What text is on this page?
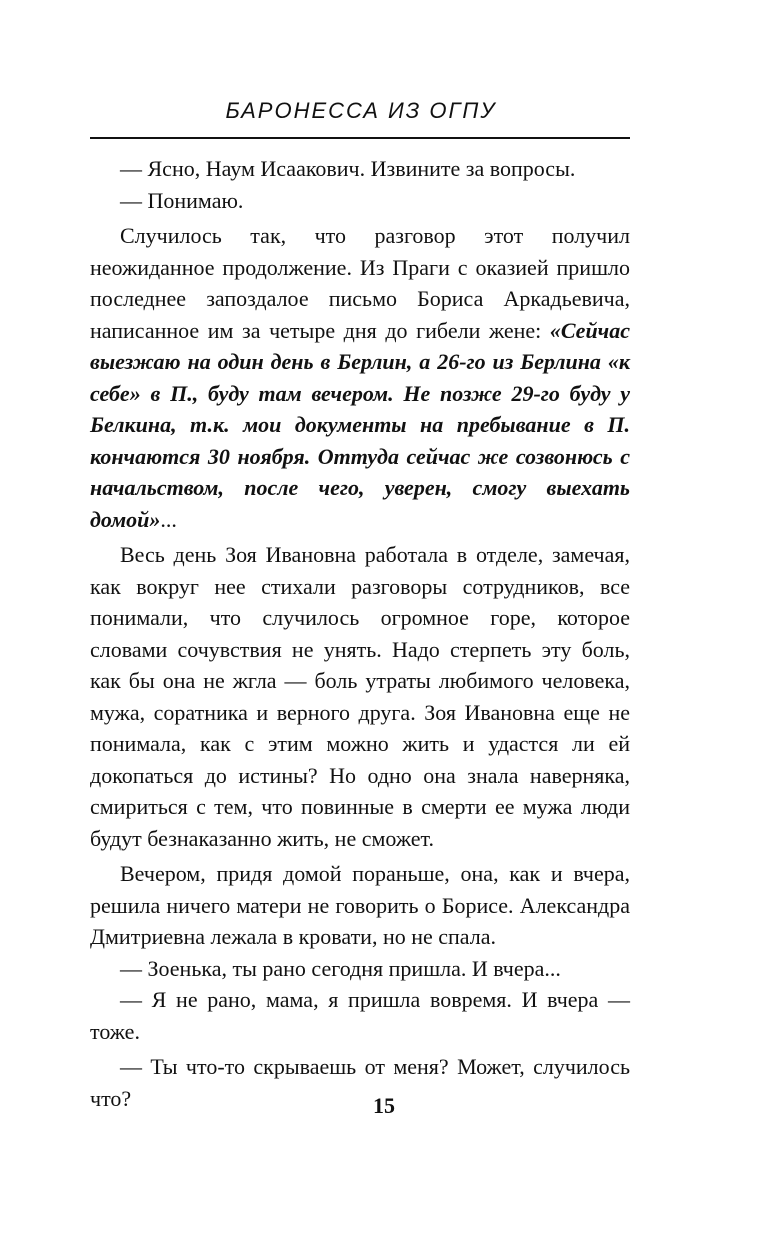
БАРОНЕССА ИЗ ОГПУ

— Ясно, Наум Исаакович. Извините за вопросы.

— Понимаю.

Случилось так, что разговор этот получил неожиданное продолжение. Из Праги с оказией пришло последнее запоздалое письмо Бориса Аркадьевича, написанное им за четыре дня до гибели жене: «Сейчас выезжаю на один день в Берлин, а 26-го из Берлина «к себе» в П., буду там вечером. Не позже 29-го буду у Белкина, т.к. мои документы на пребывание в П. кончаются 30 ноября. Оттуда сейчас же созвонюсь с начальством, после чего, уверен, смогу выехать домой»...

Весь день Зоя Ивановна работала в отделе, замечая, как вокруг нее стихали разговоры сотрудников, все понимали, что случилось огромное горе, которое словами сочувствия не унять. Надо стерпеть эту боль, как бы она не жгла — боль утраты любимого человека, мужа, соратника и верного друга. Зоя Ивановна еще не понимала, как с этим можно жить и удастся ли ей докопаться до истины? Но одно она знала наверняка, смириться с тем, что повинные в смерти ее мужа люди будут безнаказанно жить, не сможет.

Вечером, придя домой пораньше, она, как и вчера, решила ничего матери не говорить о Борисе. Александра Дмитриевна лежала в кровати, но не спала.

— Зоенька, ты рано сегодня пришла. И вчера...

— Я не рано, мама, я пришла вовремя. И вчера — тоже.

— Ты что-то скрываешь от меня? Может, случилось что?	15
